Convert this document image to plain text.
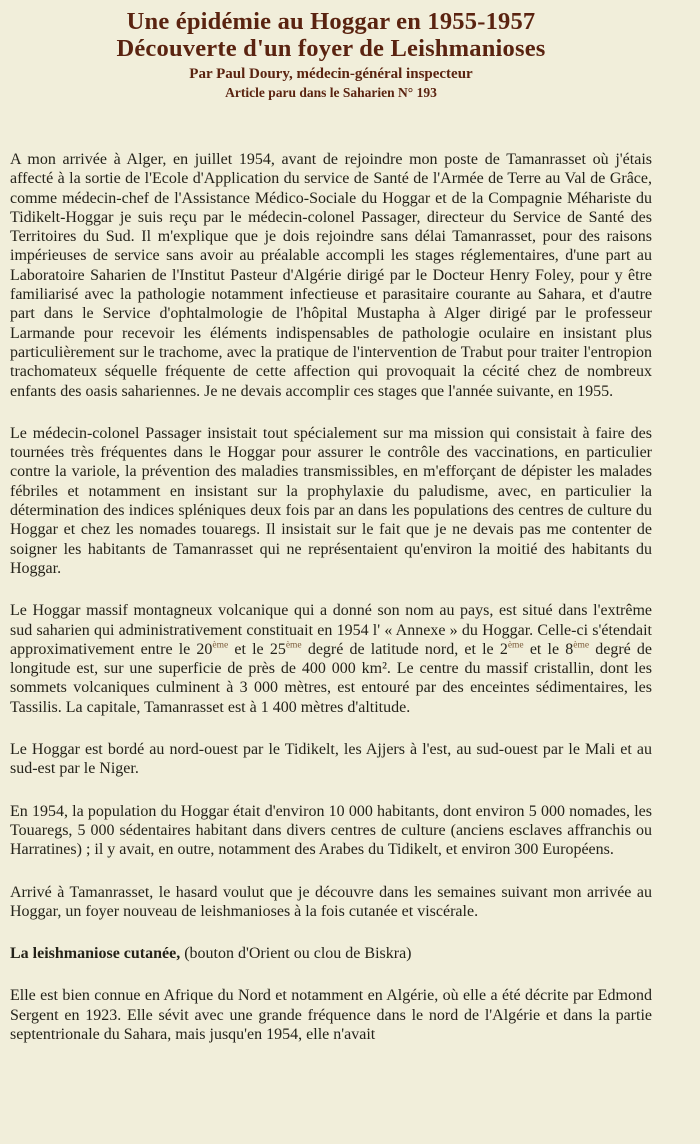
Une épidémie au Hoggar en 1955-1957
Découverte d'un foyer de Leishmanioses
Par Paul Doury, médecin-général inspecteur
Article paru dans le Saharien N° 193

A mon arrivée à Alger, en juillet 1954, avant de rejoindre mon poste de Tamanrasset où j'étais affecté à la sortie de l'Ecole d'Application du service de Santé de l'Armée de Terre au Val de Grâce, comme médecin-chef de l'Assistance Médico-Sociale du Hoggar et de la Compagnie Méhariste du Tidikelt-Hoggar je suis reçu par le médecin-colonel Passager, directeur du Service de Santé des Territoires du Sud. Il m'explique que je dois rejoindre sans délai Tamanrasset, pour des raisons impérieuses de service sans avoir au préalable accompli les stages réglementaires, d'une part au Laboratoire Saharien de l'Institut Pasteur d'Algérie dirigé par le Docteur Henry Foley, pour y être familiarisé avec la pathologie notamment infectieuse et parasitaire courante au Sahara, et d'autre part dans le Service d'ophtalmologie de l'hôpital Mustapha à Alger dirigé par le professeur Larmande pour recevoir les éléments indispensables de pathologie oculaire en insistant plus particulièrement sur le trachome, avec la pratique de l'intervention de Trabut pour traiter l'entropion trachomateux séquelle fréquente de cette affection qui provoquait la cécité chez de nombreux enfants des oasis sahariennes. Je ne devais accomplir ces stages que l'année suivante, en 1955.

Le médecin-colonel Passager insistait tout spécialement sur ma mission qui consistait à faire des tournées très fréquentes dans le Hoggar pour assurer le contrôle des vaccinations, en particulier contre la variole, la prévention des maladies transmissibles, en m'efforçant de dépister les malades fébriles et notamment en insistant sur la prophylaxie du paludisme, avec, en particulier la détermination des indices spléniques deux fois par an dans les populations des centres de culture du Hoggar et chez les nomades touaregs. Il insistait sur le fait que je ne devais pas me contenter de soigner les habitants de Tamanrasset qui ne représentaient qu'environ la moitié des habitants du Hoggar.

Le Hoggar massif montagneux volcanique qui a donné son nom au pays, est situé dans l'extrême sud saharien qui administrativement constituait en 1954 l' « Annexe » du Hoggar. Celle-ci s'étendait approximativement entre le 20ème et le 25ème degré de latitude nord, et le 2ème et le 8ème degré de longitude est, sur une superficie de près de 400 000 km². Le centre du massif cristallin, dont les sommets volcaniques culminent à 3 000 mètres, est entouré par des enceintes sédimentaires, les Tassilis. La capitale, Tamanrasset est à 1 400 mètres d'altitude.

Le Hoggar est bordé au nord-ouest par le Tidikelt, les Ajjers à l'est, au sud-ouest par le Mali et au sud-est par le Niger.

En 1954, la population du Hoggar était d'environ 10 000 habitants, dont environ 5 000 nomades, les Touaregs, 5 000 sédentaires habitant dans divers centres de culture (anciens esclaves affranchis ou Harratines) ; il y avait, en outre, notamment des Arabes du Tidikelt, et environ 300 Européens.

Arrivé à Tamanrasset, le hasard voulut que je découvre dans les semaines suivant mon arrivée au Hoggar, un foyer nouveau de leishmanioses à la fois cutanée et viscérale.

La leishmaniose cutanée, (bouton d'Orient ou clou de Biskra)

Elle est bien connue en Afrique du Nord et notamment en Algérie, où elle a été décrite par Edmond Sergent en 1923. Elle sévit avec une grande fréquence dans le nord de l'Algérie et dans la partie septentrionale du Sahara, mais jusqu'en 1954, elle n'avait
